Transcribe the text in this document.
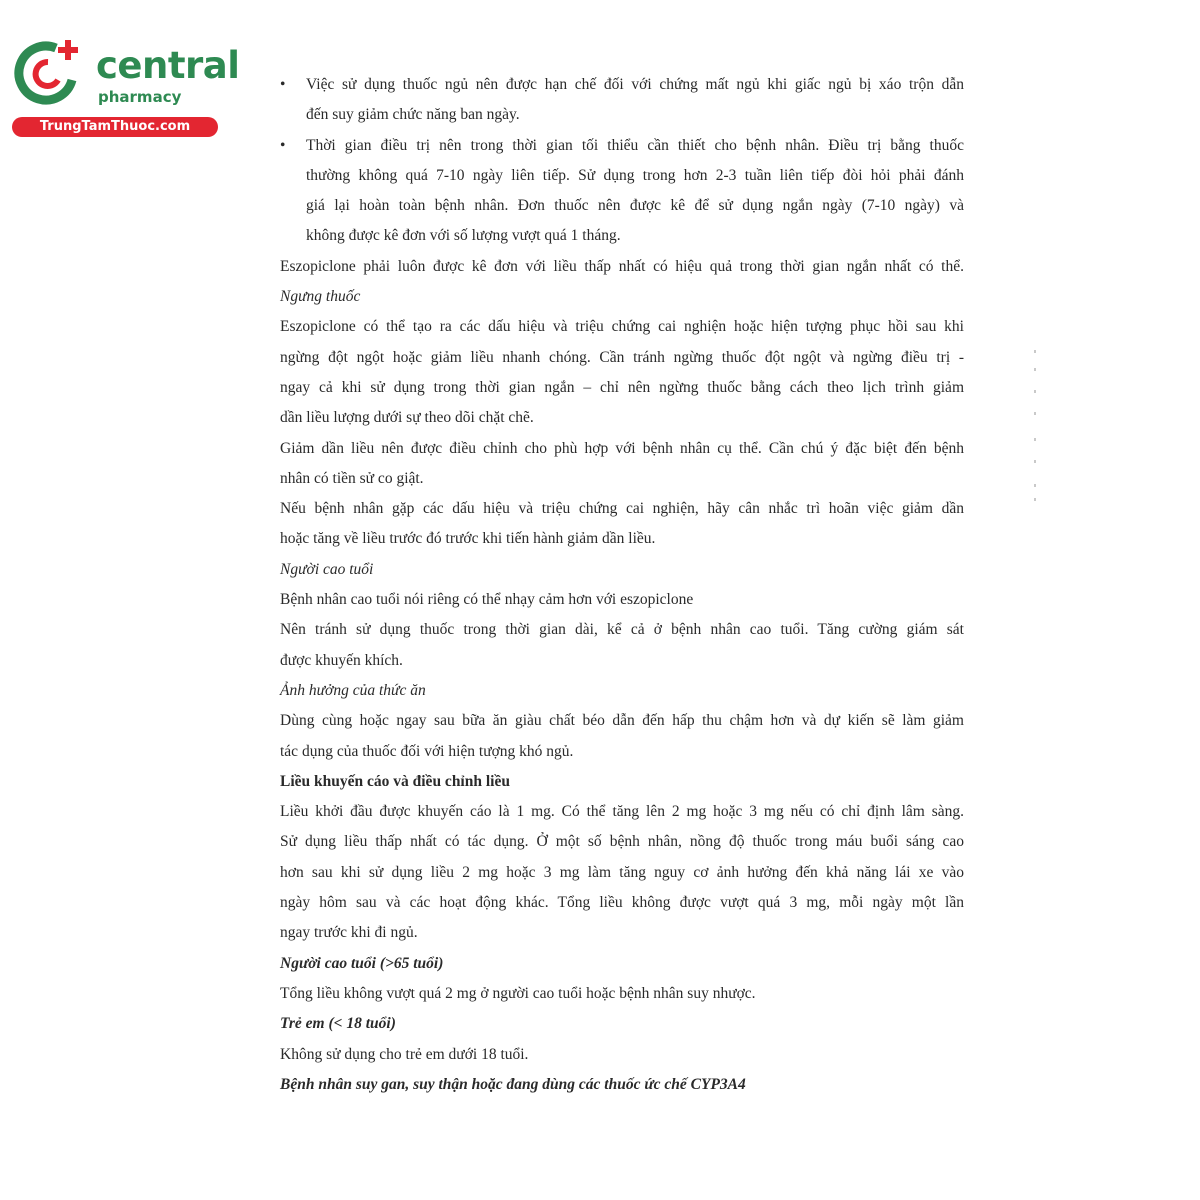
central
pharmacy
TrungTamThuoc.com
• Việc sử dụng thuốc ngủ nên được hạn chế đối với chứng mất ngủ khi giấc ngủ bị xáo trộn dẫn
đến suy giảm chức năng ban ngày.
• Thời gian điều trị nên trong thời gian tối thiểu cần thiết cho bệnh nhân. Điều trị bằng thuốc
thường không quá 7-10 ngày liên tiếp. Sử dụng trong hơn 2-3 tuần liên tiếp đòi hỏi phải đánh
giá lại hoàn toàn bệnh nhân. Đơn thuốc nên được kê để sử dụng ngắn ngày (7-10 ngày) và
không được kê đơn với số lượng vượt quá 1 tháng.
Eszopiclone phải luôn được kê đơn với liều thấp nhất có hiệu quả trong thời gian ngắn nhất có thể.
Ngưng thuốc
Eszopiclone có thể tạo ra các dấu hiệu và triệu chứng cai nghiện hoặc hiện tượng phục hồi sau khi
ngừng đột ngột hoặc giảm liều nhanh chóng. Cần tránh ngừng thuốc đột ngột và ngừng điều trị -
ngay cả khi sử dụng trong thời gian ngắn – chỉ nên ngừng thuốc bằng cách theo lịch trình giảm
dần liều lượng dưới sự theo dõi chặt chẽ.
Giảm dần liều nên được điều chỉnh cho phù hợp với bệnh nhân cụ thể. Cần chú ý đặc biệt đến bệnh
nhân có tiền sử co giật.
Nếu bệnh nhân gặp các dấu hiệu và triệu chứng cai nghiện, hãy cân nhắc trì hoãn việc giảm dần
hoặc tăng về liều trước đó trước khi tiến hành giảm dần liều.
Người cao tuổi
Bệnh nhân cao tuổi nói riêng có thể nhạy cảm hơn với eszopiclone
Nên tránh sử dụng thuốc trong thời gian dài, kể cả ở bệnh nhân cao tuổi. Tăng cường giám sát
được khuyến khích.
Ảnh hưởng của thức ăn
Dùng cùng hoặc ngay sau bữa ăn giàu chất béo dẫn đến hấp thu chậm hơn và dự kiến sẽ làm giảm
tác dụng của thuốc đối với hiện tượng khó ngủ.
Liều khuyến cáo và điều chỉnh liều
Liều khởi đầu được khuyến cáo là 1 mg. Có thể tăng lên 2 mg hoặc 3 mg nếu có chỉ định lâm sàng.
Sử dụng liều thấp nhất có tác dụng. Ở một số bệnh nhân, nồng độ thuốc trong máu buổi sáng cao
hơn sau khi sử dụng liều 2 mg hoặc 3 mg làm tăng nguy cơ ảnh hưởng đến khả năng lái xe vào
ngày hôm sau và các hoạt động khác. Tổng liều không được vượt quá 3 mg, mỗi ngày một lần
ngay trước khi đi ngủ.
Người cao tuổi (>65 tuổi)
Tổng liều không vượt quá 2 mg ở người cao tuổi hoặc bệnh nhân suy nhược.
Trẻ em (< 18 tuổi)
Không sử dụng cho trẻ em dưới 18 tuổi.
Bệnh nhân suy gan, suy thận hoặc đang dùng các thuốc ức chế CYP3A4
